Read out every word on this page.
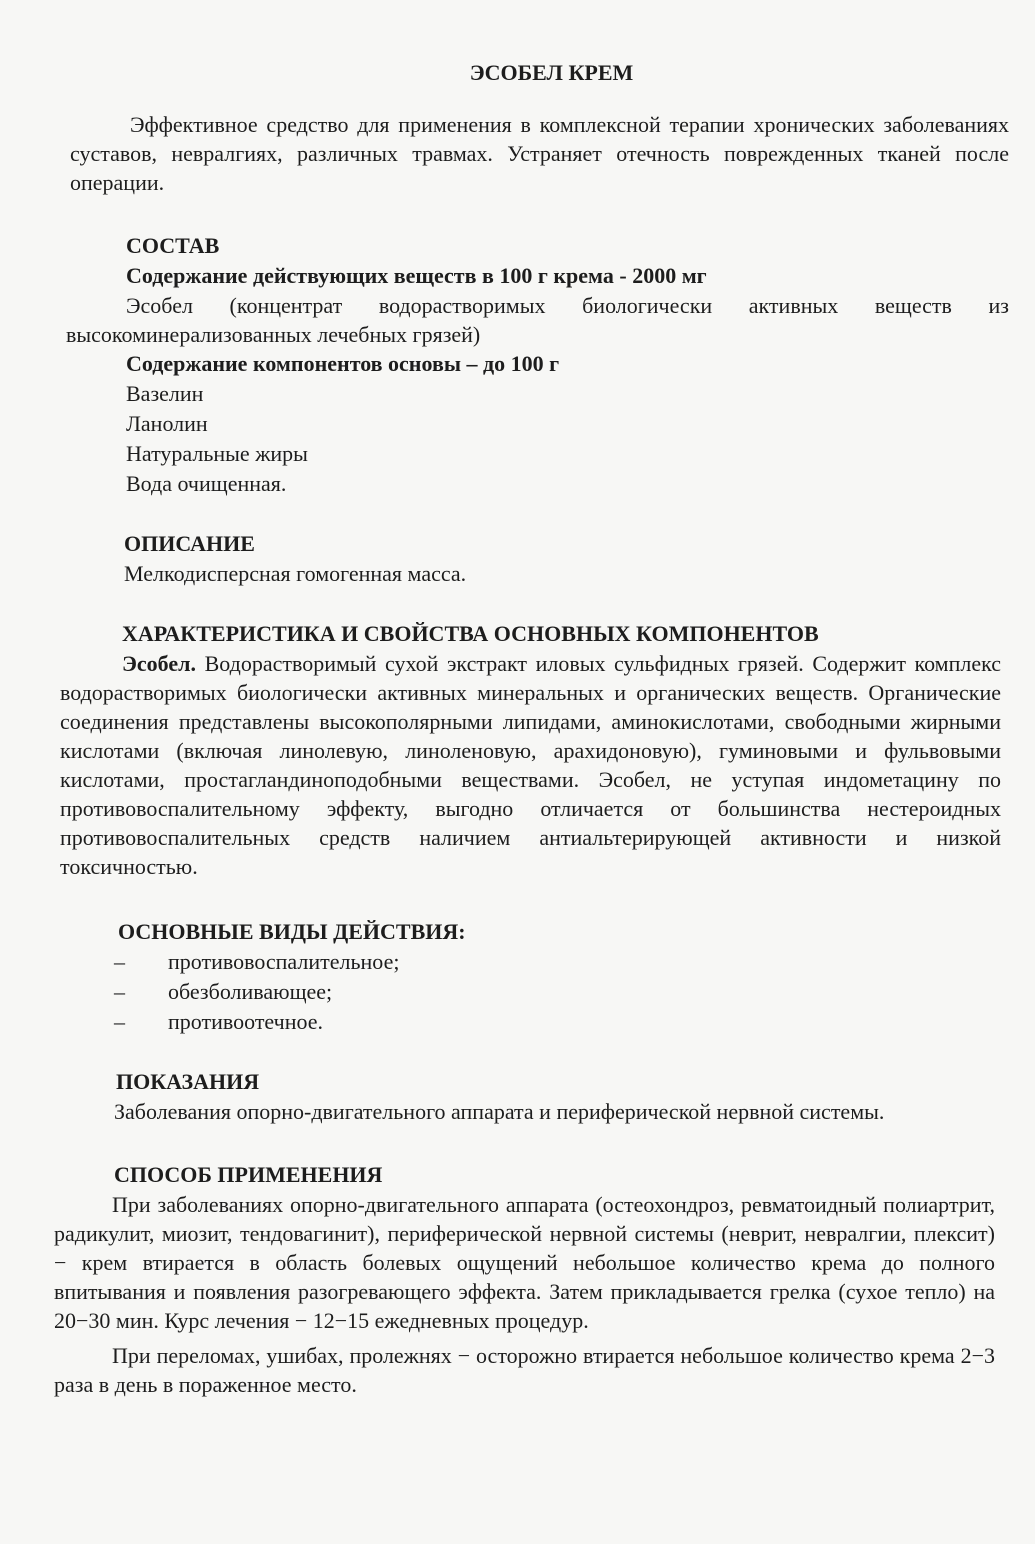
ЭСОБЕЛ КРЕМ

Эффективное средство для применения в комплексной терапии хронических заболеваниях суставов, невралгиях, различных травмах. Устраняет отечность поврежденных тканей после операции.

СОСТАВ
Содержание действующих веществ в 100 г крема - 2000 мг

Эсобел (концентрат водорастворимых биологически активных веществ из высокоминерализованных лечебных грязей)

Содержание компонентов основы – до 100 г
Вазелин
Ланолин
Натуральные жиры
Вода очищенная.
ОПИСАНИЕ
Мелкодисперсная гомогенная масса.
ХАРАКТЕРИСТИКА И СВОЙСТВА ОСНОВНЫХ КОМПОНЕНТОВ

Эсобел. Водорастворимый сухой экстракт иловых сульфидных грязей. Содержит комплекс водорастворимых биологически активных минеральных и органических веществ. Органические соединения представлены высокополярными липидами, аминокислотами, свободными жирными кислотами (включая линолевую, линоленовую, арахидоновую), гуминовыми и фульвовыми кислотами, простагландиноподобными веществами. Эсобел, не уступая индометацину по противовоспалительному эффекту, выгодно отличается от большинства нестероидных противовоспалительных средств наличием антиальтерирующей активности и низкой токсичностью.

ОСНОВНЫЕ ВИДЫ ДЕЙСТВИЯ:
–	противовоспалительное;
–	обезболивающее;
–	противоотечное.
ПОКАЗАНИЯ

Заболевания опорно-двигательного аппарата и периферической нервной системы.

СПОСОБ ПРИМЕНЕНИЯ

При заболеваниях опорно-двигательного аппарата (остеохондроз, ревматоидный полиартрит, радикулит, миозит, тендовагинит), периферической нервной системы (неврит, невралгии, плексит) − крем втирается в область болевых ощущений небольшое количество крема до полного впитывания и появления разогревающего эффекта. Затем прикладывается грелка (сухое тепло) на 20−30 мин. Курс лечения − 12−15 ежедневных процедур.

При переломах, ушибах, пролежнях − осторожно втирается небольшое количество крема 2−3 раза в день в пораженное место.
